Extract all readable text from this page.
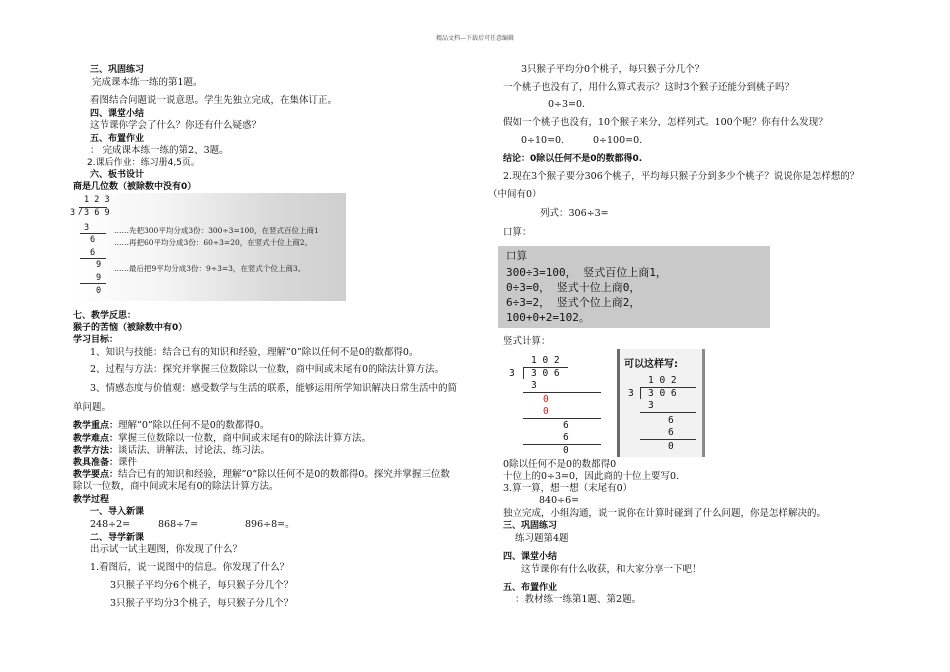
精品文档---下载后可任意编辑
三、巩固练习
完成课本练一练的第1题。
看图结合问题说一说意思。学生先独立完成，在集体订正。
四、课堂小结
这节课你学会了什么？你还有什么疑惑？
五、布置作业
： 完成课本练一练的第2、3题。
2.课后作业：练习册4,5页。
六、板书设计
商是几位数（被除数中没有0）
1 2 3
3 / 3 6 9
3
6
6
9
9
0
……先把300平均分成3份：300÷3=100，在竖式百位上商1
……再把60平均分成3份：60÷3=20，在竖式十位上商2。
……最后把9平均分成3份：9÷3=3，在竖式个位上商3。
七、教学反思：
猴子的苦恼（被除数中有0）
学习目标：
1、知识与技能：结合已有的知识和经验，理解”0”除以任何不是0的数都得0。
2、过程与方法：探究并掌握三位数除以一位数，商中间或末尾有0的除法计算方法。
3、情感态度与价值观：感受数学与生活的联系，能够运用所学知识解决日常生活中的简
单问题。
教学重点：理解”0”除以任何不是0的数都得0。
教学难点：掌握三位数除以一位数，商中间或末尾有0的除法计算方法。
教学方法：谈话法、讲解法、讨论法、练习法。
教具准备：课件
教学要点：结合已有的知识和经验，理解”0”除以任何不是0的数都得0。探究并掌握三位数
除以一位数，商中间或末尾有0的除法计算方法。
教学过程
一、导入新课
248÷2=	868÷7=	896÷8=。
二、导学新课
出示试一试主题图，你发现了什么？
1.看图后，说一说图中的信息。你发现了什么？
3只猴子平均分6个桃子，每只猴子分几个？
3只猴子平均分3个桃子，每只猴子分几个？
3只猴子平均分0个桃子，每只猴子分几个？
一个桃子也没有了，用什么算式表示？这时3个猴子还能分到桃子吗？
0÷3=0.
假如一个桃子也没有，10个猴子来分，怎样列式。100个呢？你有什么发现？
0÷10=0.	0÷100=0.
结论：0除以任何不是0的数都得0.
2.现在3个猴子要分306个桃子，平均每只猴子分到多少个桃子？说说你是怎样想的？
（中间有0）
列式：306÷3=
口算：
口算
300÷3=100， 竖式百位上商1，
0÷3=0， 竖式十位上商0，
6÷3=2， 竖式个位上商2，
100+0+2=102。
竖式计算：
1 0 2
3 3 0 6
3
0
0
6
6
0
可以这样写:
1 0 2
3 3 0 6
3
6
6
0
0除以任何不是0的数都得0
十位上的0÷3=0，因此商的十位上要写0.
3.算一算，想一想（末尾有0）
840÷6=
独立完成，小组沟通，说一说你在计算时碰到了什么问题，你是怎样解决的。
三、巩固练习
练习题第4题
四、课堂小结
这节课你有什么收获，和大家分享一下吧！
五、布置作业
：教材练一练第1题、第2题。
